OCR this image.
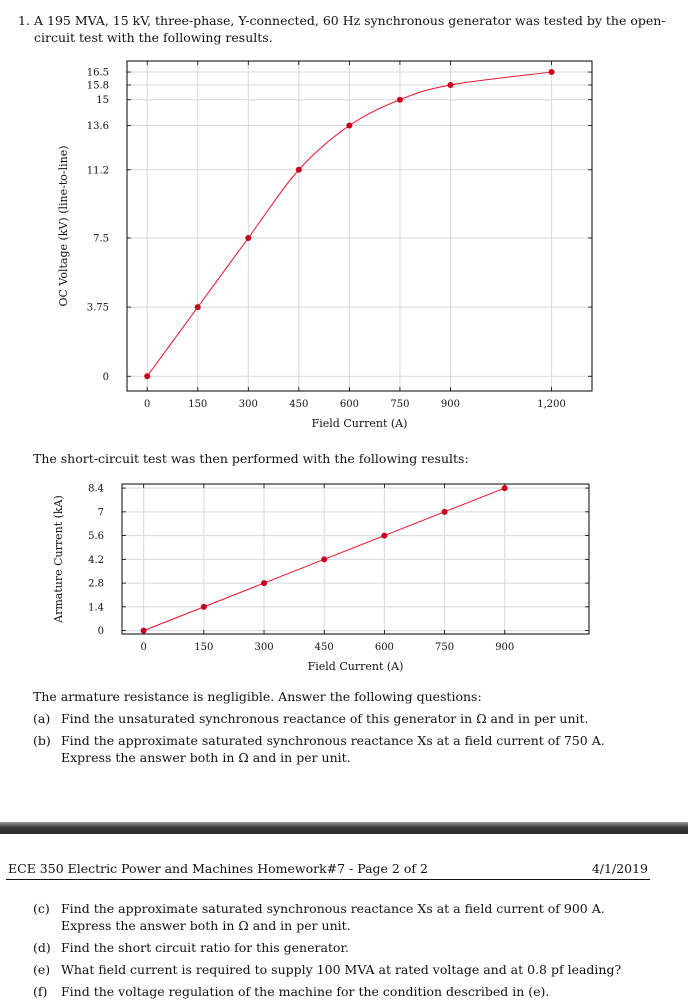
1. A 195 MVA, 15 kV, three-phase, Y-connected, 60 Hz synchronous generator was tested by the open-circuit test with the following results.
0	150	300	450	600	750	900	1,200
0
3.75
7.5
11.2
13.6
15
15.8
16.5
Field Current (A)
OC Voltage (kV) (line-to-line)
The short-circuit test was then performed with the following results:
0	150	300	450	600	750	900
0
1.4
2.8
4.2
5.6
7
8.4
Field Current (A)
Armature Current (kA)
The armature resistance is negligible. Answer the following questions:
(a) Find the unsaturated synchronous reactance of this generator in Ω and in per unit.
(b) Find the approximate saturated synchronous reactance Xs at a field current of 750 A. Express the answer both in Ω and in per unit.
ECE 350 Electric Power and Machines Homework#7 - Page 2 of 2	4/1/2019
(c) Find the approximate saturated synchronous reactance Xs at a field current of 900 A. Express the answer both in Ω and in per unit.
(d) Find the short circuit ratio for this generator.
(e) What field current is required to supply 100 MVA at rated voltage and at 0.8 pf leading?
(f) Find the voltage regulation of the machine for the condition described in (e).
